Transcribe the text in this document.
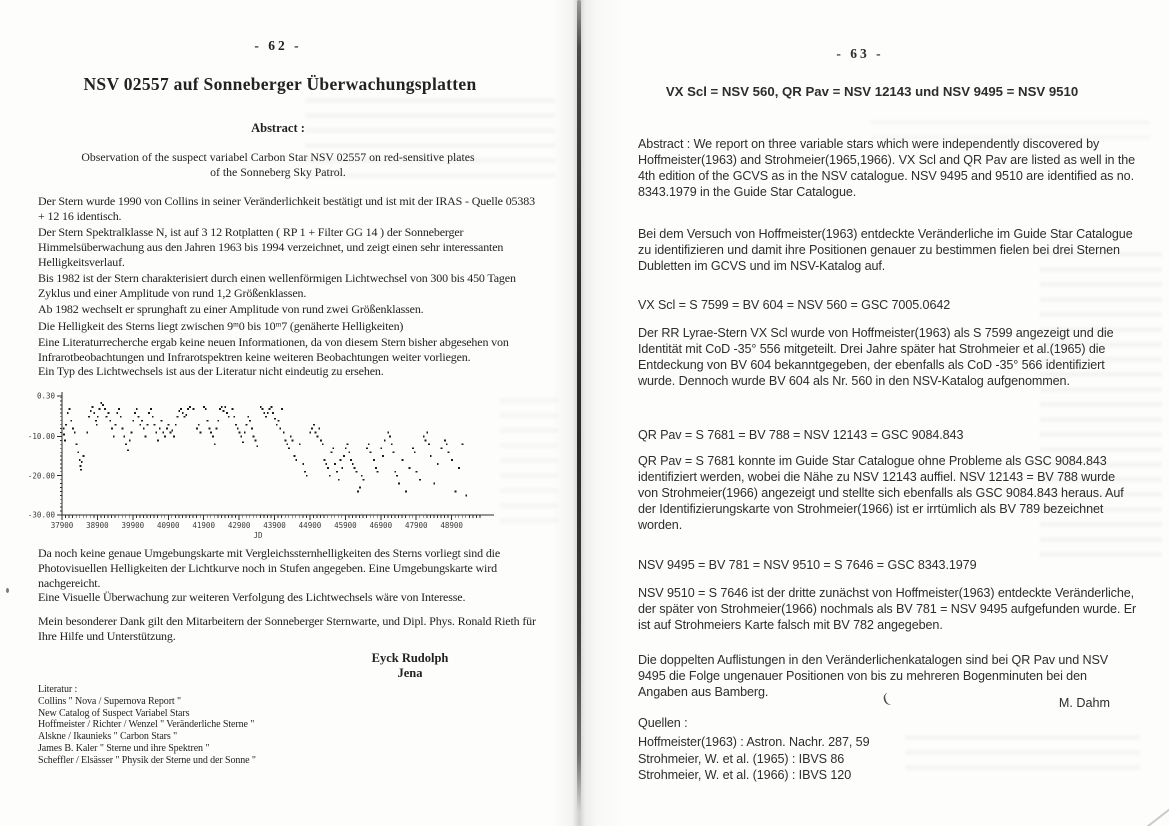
- 62 -
NSV 02557 auf Sonneberger Überwachungsplatten
Abstract :
Observation of the suspect variabel Carbon Star NSV 02557 on red-sensitive plates
of the Sonneberg Sky Patrol.

Der Stern wurde 1990 von Collins in seiner Veränderlichkeit bestätigt und ist mit der IRAS - Quelle 05383 + 12 16 identisch.

Der Stern Spektralklasse N, ist auf 3 12 Rotplatten ( RP 1 + Filter GG 14 ) der Sonneberger Himmelsüberwachung aus den Jahren 1963 bis 1994 verzeichnet, und zeigt einen sehr interessanten Helligkeitsverlauf.

Bis 1982 ist der Stern charakterisiert durch einen wellenförmigen Lichtwechsel von 300 bis 450 Tagen Zyklus und einer Amplitude von rund 1,2 Größenklassen.

Ab 1982 wechselt er sprunghaft zu einer Amplitude von rund zwei Größenklassen.

Die Helligkeit des Sterns liegt zwischen 9ᵐ0 bis 10ᵐ7 (genäherte Helligkeiten)

Eine Literaturrecherche ergab keine neuen Informationen, da von diesem Stern bisher abgesehen von Infrarotbeobachtungen und Infrarotspektren keine weiteren Beobachtungen weiter vorliegen.

Ein Typ des Lichtwechsels ist aus der Literatur nicht eindeutig zu ersehen.

0.30
-10.00
-20.00
-30.00
37900 38900 39900 40900 41900 42900 43900 44900 45900 46900 47900 48900
JD

Da noch keine genaue Umgebungskarte mit Vergleichssternhelligkeiten des Sterns vorliegt sind die Photovisuellen Helligkeiten der Lichtkurve noch in Stufen angegeben. Eine Umgebungskarte wird nachgereicht.

Eine Visuelle Überwachung zur weiteren Verfolgung des Lichtwechsels wäre von Interesse.

Mein besonderer Dank gilt den Mitarbeitern der Sonneberger Sternwarte, und Dipl. Phys. Ronald Rieth für Ihre Hilfe und Unterstützung.

Eyck Rudolph
Jena
Literatur :
Collins " Nova / Supernova Report "
New Catalog of Suspect Variabel Stars
Hoffmeister / Richter / Wenzel " Veränderliche Sterne "
Alskne / Ikaunieks " Carbon Stars "
James B. Kaler " Sterne und ihre Spektren "
Scheffler / Elsässer " Physik der Sterne und der Sonne "
- 63 -
VX Scl = NSV 560, QR Pav = NSV 12143 und NSV 9495 = NSV 9510

Abstract : We report on three variable stars which were independently discovered by Hoffmeister(1963) and Strohmeier(1965,1966). VX Scl and QR Pav are listed as well in the 4th edition of the GCVS as in the NSV catalogue. NSV 9495 and 9510 are identified as no. 8343.1979 in the Guide Star Catalogue.

Bei dem Versuch von Hoffmeister(1963) entdeckte Veränderliche im Guide Star Catalogue zu identifizieren und damit ihre Positionen genauer zu bestimmen fielen bei drei Sternen Dubletten im GCVS und im NSV-Katalog auf.

VX Scl = S 7599 = BV 604 = NSV 560 = GSC 7005.0642

Der RR Lyrae-Stern VX Scl wurde von Hoffmeister(1963) als S 7599 angezeigt und die Identität mit CoD -35° 556 mitgeteilt. Drei Jahre später hat Strohmeier et al.(1965) die Entdeckung von BV 604 bekanntgegeben, der ebenfalls als CoD -35° 566 identifiziert wurde. Dennoch wurde BV 604 als Nr. 560 in den NSV-Katalog aufgenommen.

QR Pav = S 7681 = BV 788 = NSV 12143 = GSC 9084.843

QR Pav = S 7681 konnte im Guide Star Catalogue ohne Probleme als GSC 9084.843 identifiziert werden, wobei die Nähe zu NSV 12143 auffiel. NSV 12143 = BV 788 wurde von Strohmeier(1966) angezeigt und stellte sich ebenfalls als GSC 9084.843 heraus. Auf der Identifizierungskarte von Strohmeier(1966) ist er irrtümlich als BV 789 bezeichnet worden.

NSV 9495 = BV 781 = NSV 9510 = S 7646 = GSC 8343.1979

NSV 9510 = S 7646 ist der dritte zunächst von Hoffmeister(1963) entdeckte Veränderliche, der später von Strohmeier(1966) nochmals als BV 781 = NSV 9495 aufgefunden wurde. Er ist auf Strohmeiers Karte falsch mit BV 782 angegeben.

Die doppelten Auflistungen in den Veränderlichenkatalogen sind bei QR Pav und NSV 9495 die Folge ungenauer Positionen von bis zu mehreren Bogenminuten bei den Angaben aus Bamberg.	(	M. Dahm
Quellen :
Hoffmeister(1963) : Astron. Nachr. 287, 59
Strohmeier, W. et al. (1965) : IBVS 86
Strohmeier, W. et al. (1966) : IBVS 120
